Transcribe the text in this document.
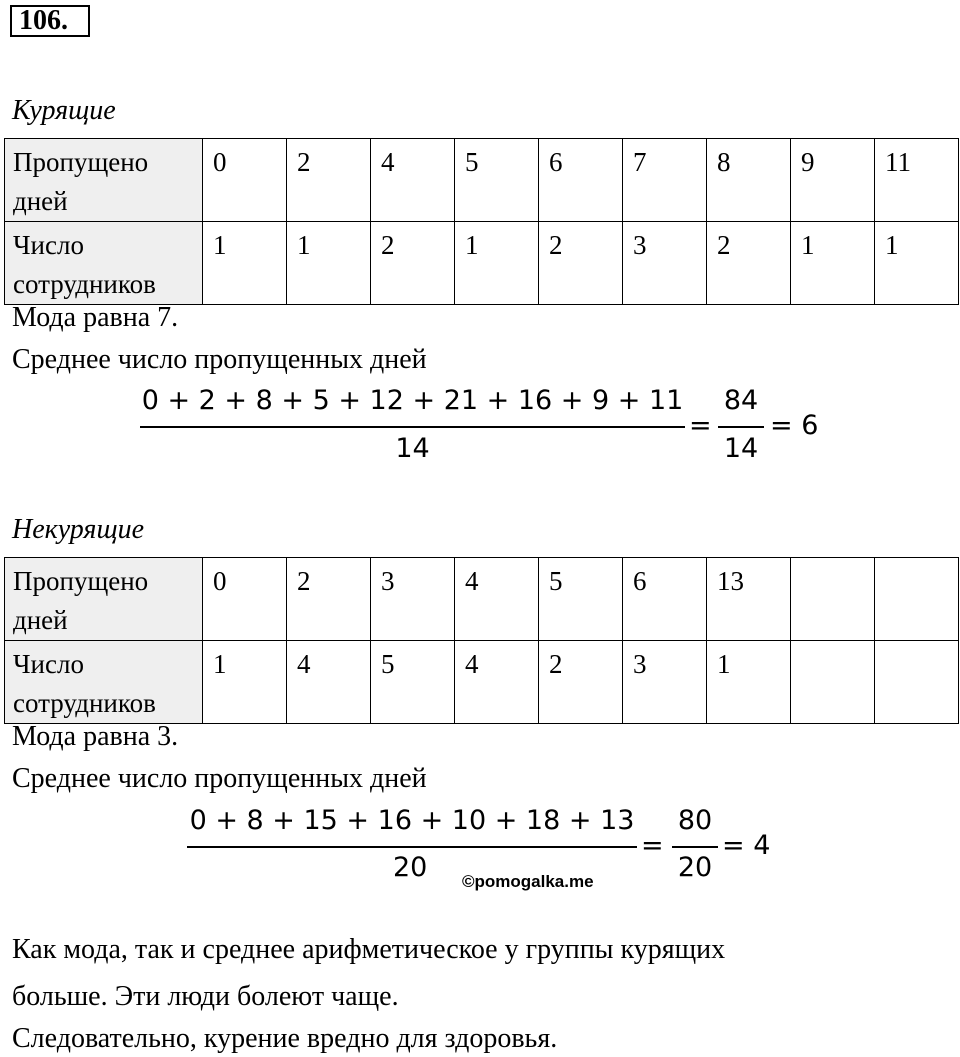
106.
Курящие
Пропущено дней	0	2	4	5	6	7	8	9	11
Число сотрудников	1	1	2	1	2	3	2	1	1
Мода равна 7.
Среднее число пропущенных дней
0 + 2 + 8 + 5 + 12 + 21 + 16 + 9 + 11
14
=
84
14
= 6
Некурящие
Пропущено дней	0	2	3	4	5	6	13		
Число сотрудников	1	4	5	4	2	3	1		
Мода равна 3.
Среднее число пропущенных дней
0 + 8 + 15 + 16 + 10 + 18 + 13
20
=
80
20
= 4
©pomogalka.me
Как мода, так и среднее арифметическое у группы курящих
больше. Эти люди болеют чаще.
Следовательно, курение вредно для здоровья.
